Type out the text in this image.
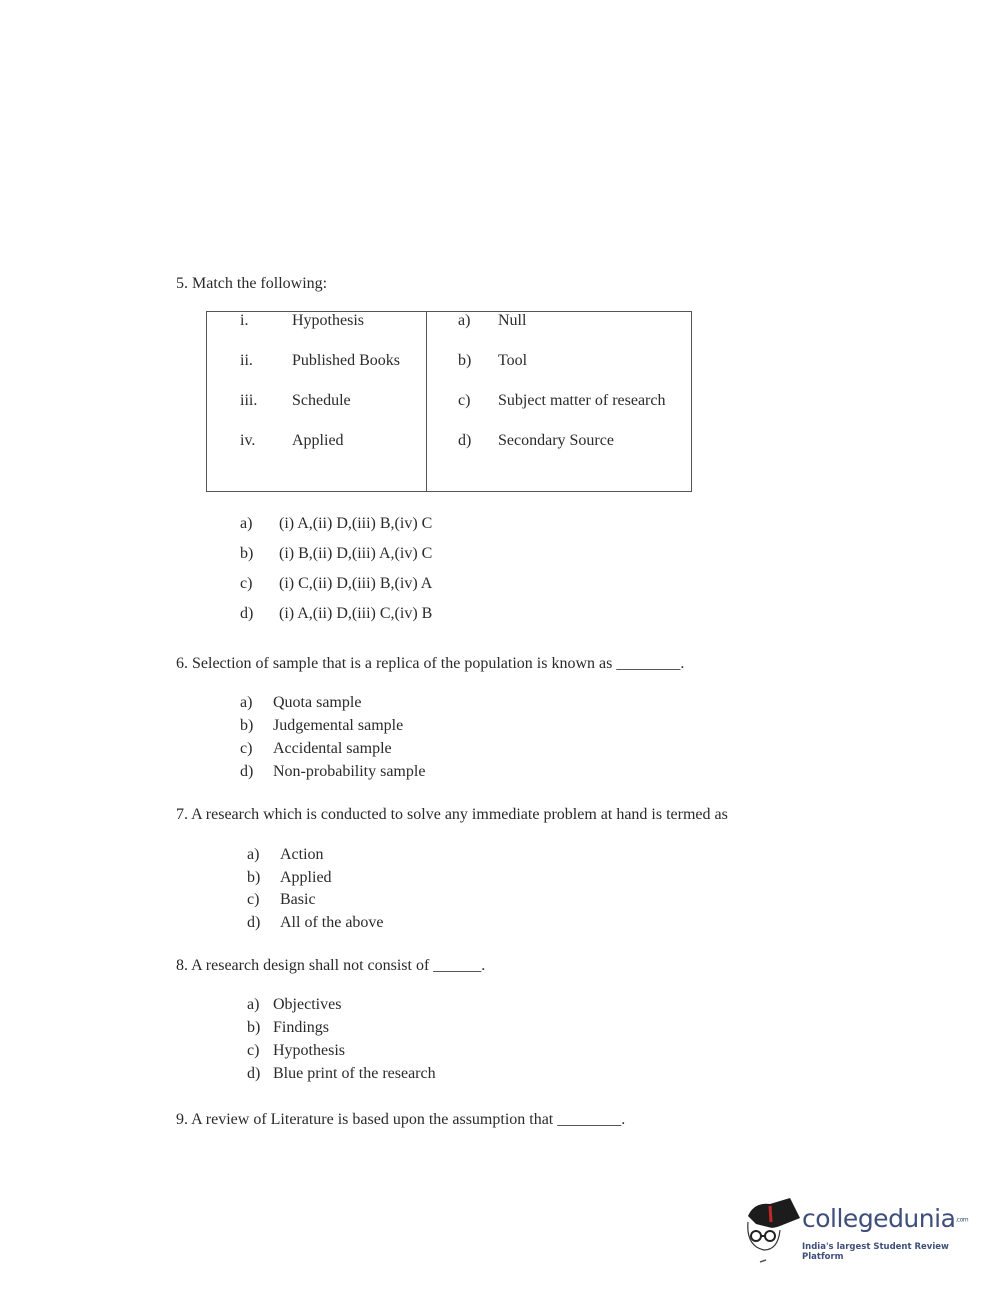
5. Match the following:
i.	Hypothesis
ii. Published Books
iii. Schedule
iv. Applied
a) Null
b) Tool
c) Subject matter of research
d) Secondary Source
a) (i) A,(ii) D,(iii) B,(iv) C
b) (i) B,(ii) D,(iii) A,(iv) C
c) (i) C,(ii) D,(iii) B,(iv) A
d) (i) A,(ii) D,(iii) C,(iv) B
6. Selection of sample that is a replica of the population is known as ________.
a) Quota sample
b) Judgemental sample
c) Accidental sample
d) Non-probability sample
7. A research which is conducted to solve any immediate problem at hand is termed as
a) Action
b) Applied
c) Basic
d) All of the above
8. A research design shall not consist of ______.
a) Objectives
b) Findings
c) Hypothesis
d) Blue print of the research
9. A review of Literature is based upon the assumption that ________.
collegedunia.com
India's largest Student Review Platform
